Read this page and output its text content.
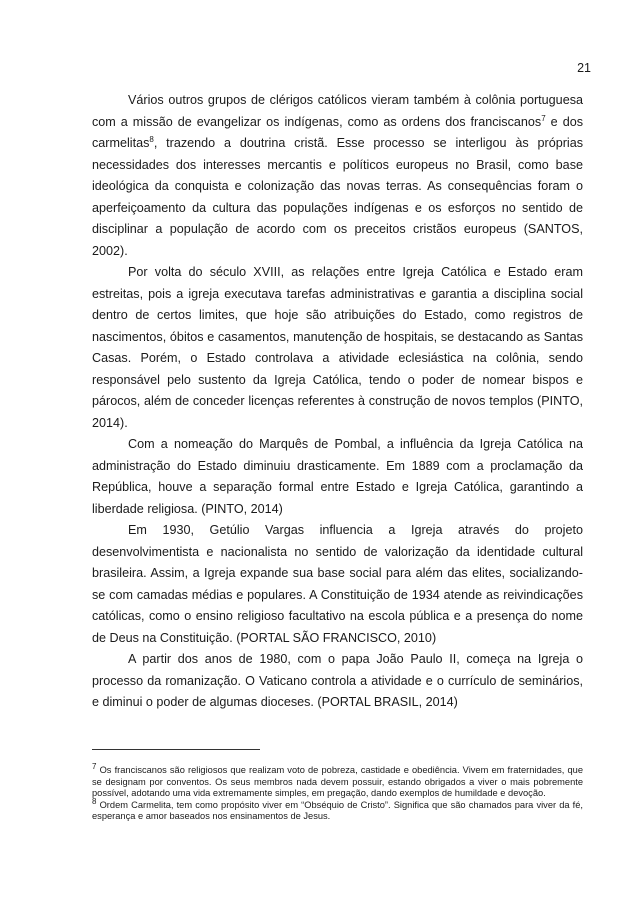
21

Vários outros grupos de clérigos católicos vieram também à colônia portuguesa com a missão de evangelizar os indígenas, como as ordens dos franciscanos$^7$ e dos carmelitas$^8$, trazendo a doutrina cristã. Esse processo se interligou às próprias necessidades dos interesses mercantis e políticos europeus no Brasil, como base ideológica da conquista e colonização das novas terras. As consequências foram o aperfeiçoamento da cultura das populações indígenas e os esforços no sentido de disciplinar a população de acordo com os preceitos cristãos europeus (SANTOS, 2002).

Por volta do século XVIII, as relações entre Igreja Católica e Estado eram estreitas, pois a igreja executava tarefas administrativas e garantia a disciplina social dentro de certos limites, que hoje são atribuições do Estado, como registros de nascimentos, óbitos e casamentos, manutenção de hospitais, se destacando as Santas Casas. Porém, o Estado controlava a atividade eclesiástica na colônia, sendo responsável pelo sustento da Igreja Católica, tendo o poder de nomear bispos e párocos, além de conceder licenças referentes à construção de novos templos (PINTO, 2014).

Com a nomeação do Marquês de Pombal, a influência da Igreja Católica na administração do Estado diminuiu drasticamente. Em 1889 com a proclamação da República, houve a separação formal entre Estado e Igreja Católica, garantindo a liberdade religiosa. (PINTO, 2014)

Em 1930, Getúlio Vargas influencia a Igreja através do projeto desenvolvimentista e nacionalista no sentido de valorização da identidade cultural brasileira. Assim, a Igreja expande sua base social para além das elites, socializando-se com camadas médias e populares. A Constituição de 1934 atende as reivindicações católicas, como o ensino religioso facultativo na escola pública e a presença do nome de Deus na Constituição. (PORTAL SÃO FRANCISCO, 2010)

A partir dos anos de 1980, com o papa João Paulo II, começa na Igreja o processo da romanização. O Vaticano controla a atividade e o currículo de seminários, e diminui o poder de algumas dioceses. (PORTAL BRASIL, 2014)

$^7$ Os franciscanos são religiosos que realizam voto de pobreza, castidade e obediência. Vivem em fraternidades, que se designam por conventos. Os seus membros nada devem possuir, estando obrigados a viver o mais pobremente possível, adotando uma vida extremamente simples, em pregação, dando exemplos de humildade e devoção.

$^8$ Ordem Carmelita, tem como propósito viver em “Obséquio de Cristo”. Significa que são chamados para viver da fé, esperança e amor baseados nos ensinamentos de Jesus.
